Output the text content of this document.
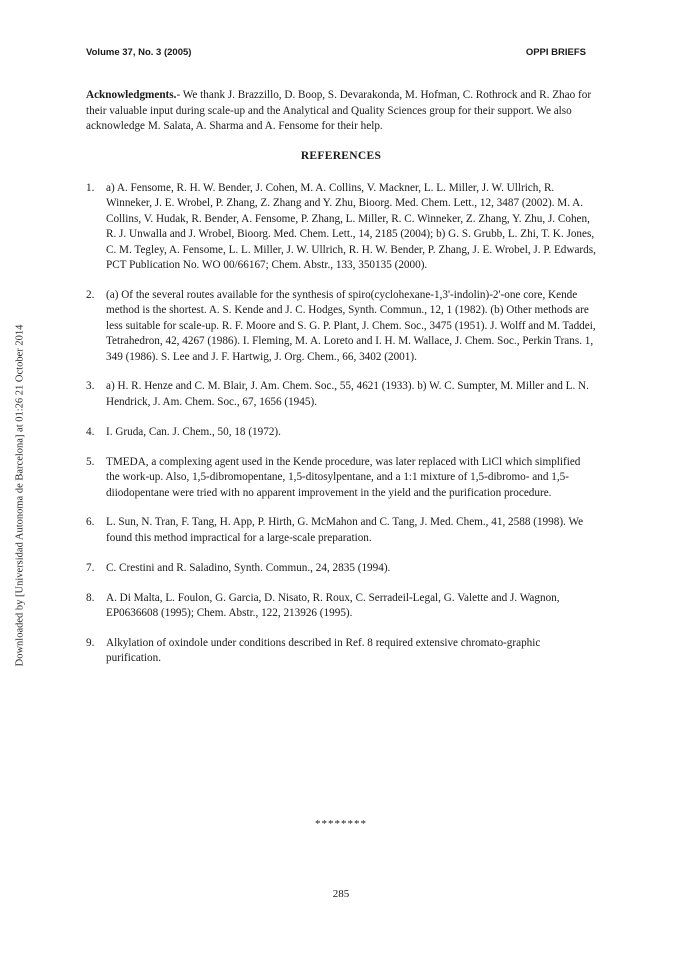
Volume 37, No. 3 (2005)	OPPI BRIEFS
Downloaded by [Universidad Autonoma de Barcelona] at 01:26 21 October 2014
Acknowledgments.- We thank J. Brazzillo, D. Boop, S. Devarakonda, M. Hofman, C. Rothrock and R. Zhao for their valuable input during scale-up and the Analytical and Quality Sciences group for their support. We also acknowledge M. Salata, A. Sharma and A. Fensome for their help.
REFERENCES
1. a) A. Fensome, R. H. W. Bender, J. Cohen, M. A. Collins, V. Mackner, L. L. Miller, J. W. Ullrich, R. Winneker, J. E. Wrobel, P. Zhang, Z. Zhang and Y. Zhu, Bioorg. Med. Chem. Lett., 12, 3487 (2002). M. A. Collins, V. Hudak, R. Bender, A. Fensome, P. Zhang, L. Miller, R. C. Winneker, Z. Zhang, Y. Zhu, J. Cohen, R. J. Unwalla and J. Wrobel, Bioorg. Med. Chem. Lett., 14, 2185 (2004); b) G. S. Grubb, L. Zhi, T. K. Jones, C. M. Tegley, A. Fensome, L. L. Miller, J. W. Ullrich, R. H. W. Bender, P. Zhang, J. E. Wrobel, J. P. Edwards, PCT Publication No. WO 00/66167; Chem. Abstr., 133, 350135 (2000).
2. (a) Of the several routes available for the synthesis of spiro(cyclohexane-1,3'-indolin)-2'-one core, Kende method is the shortest. A. S. Kende and J. C. Hodges, Synth. Commun., 12, 1 (1982). (b) Other methods are less suitable for scale-up. R. F. Moore and S. G. P. Plant, J. Chem. Soc., 3475 (1951). J. Wolff and M. Taddei, Tetrahedron, 42, 4267 (1986). I. Fleming, M. A. Loreto and I. H. M. Wallace, J. Chem. Soc., Perkin Trans. 1, 349 (1986). S. Lee and J. F. Hartwig, J. Org. Chem., 66, 3402 (2001).
3. a) H. R. Henze and C. M. Blair, J. Am. Chem. Soc., 55, 4621 (1933). b) W. C. Sumpter, M. Miller and L. N. Hendrick, J. Am. Chem. Soc., 67, 1656 (1945).
4. I. Gruda, Can. J. Chem., 50, 18 (1972).
5. TMEDA, a complexing agent used in the Kende procedure, was later replaced with LiCl which simplified the work-up. Also, 1,5-dibromopentane, 1,5-ditosylpentane, and a 1:1 mixture of 1,5-dibromo- and 1,5-diiodopentane were tried with no apparent improvement in the yield and the purification procedure.
6. L. Sun, N. Tran, F. Tang, H. App, P. Hirth, G. McMahon and C. Tang, J. Med. Chem., 41, 2588 (1998). We found this method impractical for a large-scale preparation.
7. C. Crestini and R. Saladino, Synth. Commun., 24, 2835 (1994).
8. A. Di Malta, L. Foulon, G. Garcia, D. Nisato, R. Roux, C. Serradeil-Legal, G. Valette and J. Wagnon, EP0636608 (1995); Chem. Abstr., 122, 213926 (1995).
9. Alkylation of oxindole under conditions described in Ref. 8 required extensive chromato-graphic purification.
********
285
